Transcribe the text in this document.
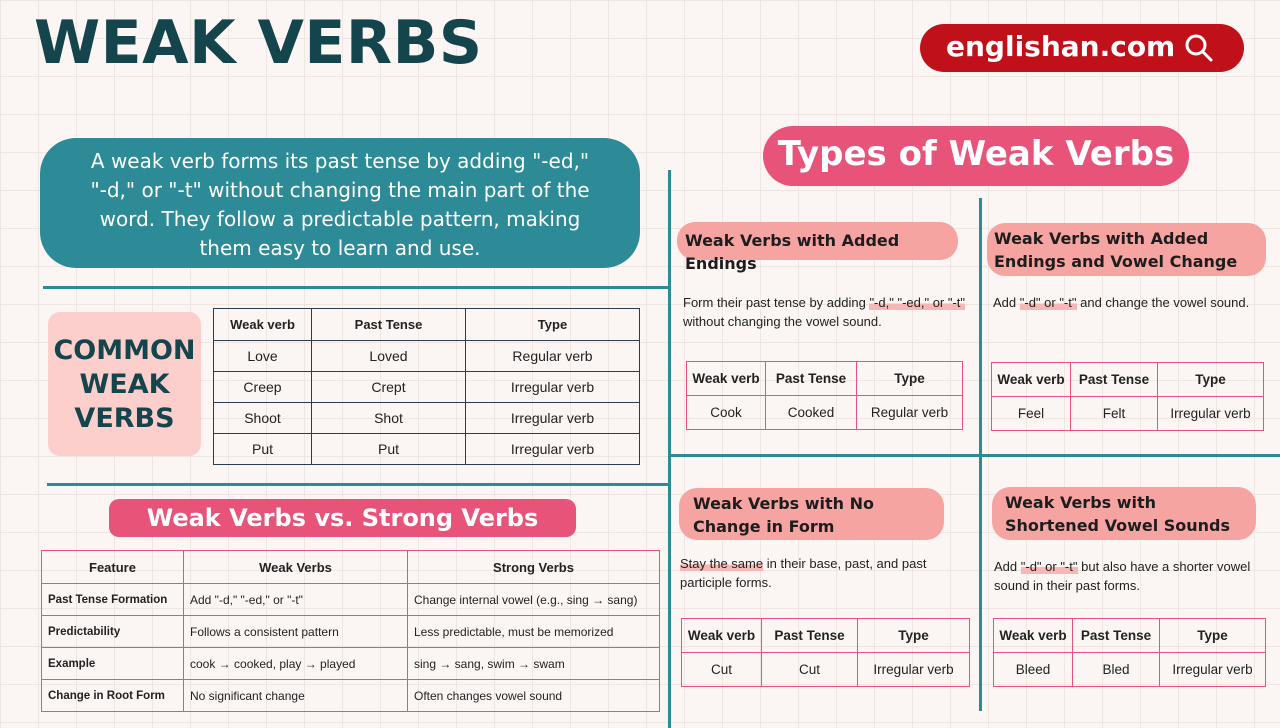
WEAK VERBS	englishan.com
A weak verb forms its past tense by adding "-ed," "-d," or "-t" without changing the main part of the word. They follow a predictable pattern, making them easy to learn and use.
COMMON
WEAK
VERBS
Weak verb	Past Tense	Type
Love	Loved	Regular verb
Creep	Crept	Irregular verb
Shoot	Shot	Irregular verb
Put	Put	Irregular verb
Weak Verbs vs. Strong Verbs
Feature	Weak Verbs	Strong Verbs
Past Tense Formation	Add "-d," "-ed," or "-t"	Change internal vowel (e.g., sing → sang)
Predictability	Follows a consistent pattern	Less predictable, must be memorized
Example	cook → cooked, play → played	sing → sang, swim → swam
Change in Root Form	No significant change	Often changes vowel sound
Types of Weak Verbs
Weak Verbs with Added Endings
Form their past tense by adding "-d," "-ed," or "-t" without changing the vowel sound.
Weak verb	Past Tense	Type
Cook	Cooked	Regular verb
Weak Verbs with Added Endings and Vowel Change
Add "-d" or "-t" and change the vowel sound.
Weak verb	Past Tense	Type
Feel	Felt	Irregular verb
Weak Verbs with No Change in Form
Stay the same in their base, past, and past participle forms.
Weak verb	Past Tense	Type
Cut	Cut	Irregular verb
Weak Verbs with Shortened Vowel Sounds
Add "-d" or "-t" but also have a shorter vowel sound in their past forms.
Weak verb	Past Tense	Type
Bleed	Bled	Irregular verb
